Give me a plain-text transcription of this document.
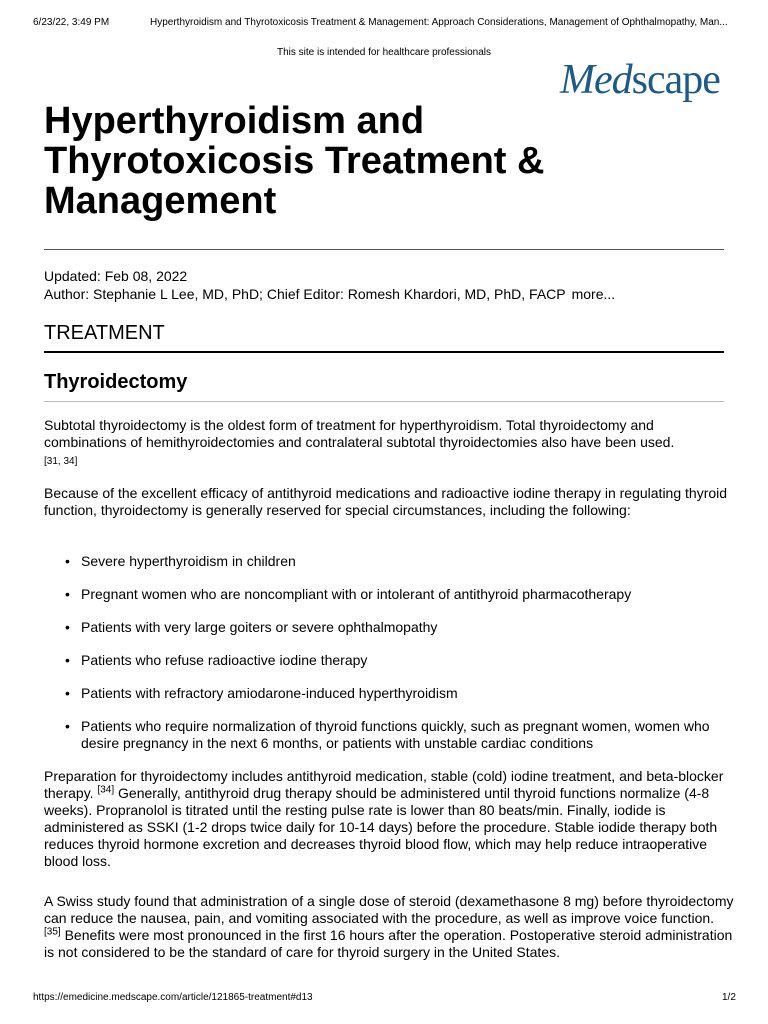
6/23/22, 3:49 PM	Hyperthyroidism and Thyrotoxicosis Treatment & Management: Approach Considerations, Management of Ophthalmopathy, Man...
This site is intended for healthcare professionals
Medscape
Hyperthyroidism and Thyrotoxicosis Treatment & Management
Updated: Feb 08, 2022
Author: Stephanie L Lee, MD, PhD; Chief Editor: Romesh Khardori, MD, PhD, FACP more...
TREATMENT
Thyroidectomy

Subtotal thyroidectomy is the oldest form of treatment for hyperthyroidism. Total thyroidectomy and combinations of hemithyroidectomies and contralateral subtotal thyroidectomies also have been used.
[31, 34]

Because of the excellent efficacy of antithyroid medications and radioactive iodine therapy in regulating thyroid function, thyroidectomy is generally reserved for special circumstances, including the following:

• Severe hyperthyroidism in children
• Pregnant women who are noncompliant with or intolerant of antithyroid pharmacotherapy
• Patients with very large goiters or severe ophthalmopathy
• Patients who refuse radioactive iodine therapy
• Patients with refractory amiodarone-induced hyperthyroidism
• Patients who require normalization of thyroid functions quickly, such as pregnant women, women who desire pregnancy in the next 6 months, or patients with unstable cardiac conditions

Preparation for thyroidectomy includes antithyroid medication, stable (cold) iodine treatment, and beta-blocker therapy. [34] Generally, antithyroid drug therapy should be administered until thyroid functions normalize (4-8 weeks). Propranolol is titrated until the resting pulse rate is lower than 80 beats/min. Finally, iodide is administered as SSKI (1-2 drops twice daily for 10-14 days) before the procedure. Stable iodide therapy both reduces thyroid hormone excretion and decreases thyroid blood flow, which may help reduce intraoperative blood loss.

A Swiss study found that administration of a single dose of steroid (dexamethasone 8 mg) before thyroidectomy can reduce the nausea, pain, and vomiting associated with the procedure, as well as improve voice function. [35] Benefits were most pronounced in the first 16 hours after the operation. Postoperative steroid administration is not considered to be the standard of care for thyroid surgery in the United States.

https://emedicine.medscape.com/article/121865-treatment#d13	1/2
